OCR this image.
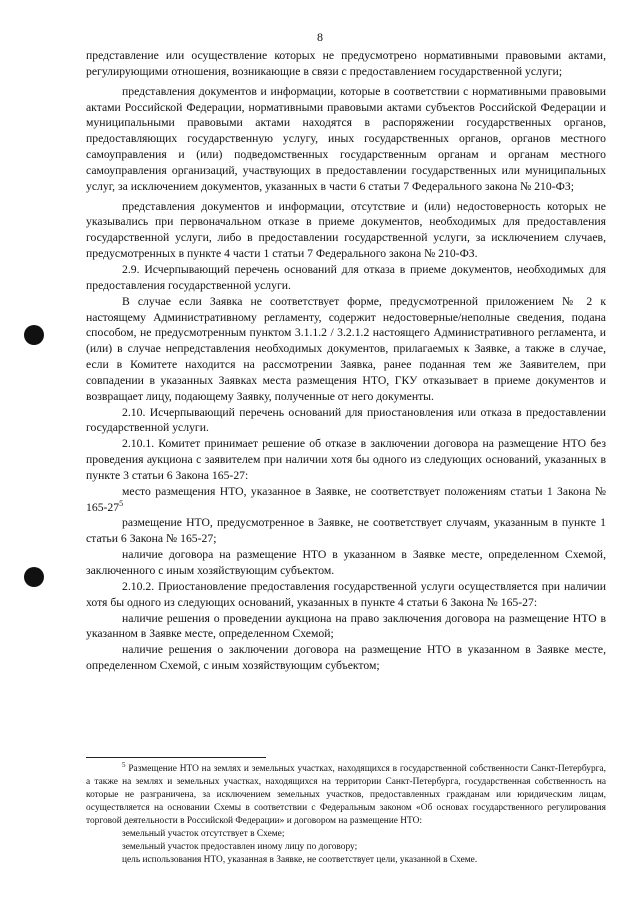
8

представление или осуществление которых не предусмотрено нормативными правовыми актами, регулирующими отношения, возникающие в связи с предоставлением государственной услуги;

представления документов и информации, которые в соответствии с нормативными правовыми актами Российской Федерации, нормативными правовыми актами субъектов Российской Федерации и муниципальными правовыми актами находятся в распоряжении государственных органов, предоставляющих государственную услугу, иных государственных органов, органов местного самоуправления и (или) подведомственных государственным органам и органам местного самоуправления организаций, участвующих в предоставлении государственных или муниципальных услуг, за исключением документов, указанных в части 6 статьи 7 Федерального закона № 210-ФЗ;

представления документов и информации, отсутствие и (или) недостоверность которых не указывались при первоначальном отказе в приеме документов, необходимых для предоставления государственной услуги, либо в предоставлении государственной услуги, за исключением случаев, предусмотренных в пункте 4 части 1 статьи 7 Федерального закона № 210-ФЗ.

2.9. Исчерпывающий перечень оснований для отказа в приеме документов, необходимых для предоставления государственной услуги.

В случае если Заявка не соответствует форме, предусмотренной приложением № 2 к настоящему Административному регламенту, содержит недостоверные/неполные сведения, подана способом, не предусмотренным пунктом 3.1.1.2 / 3.2.1.2 настоящего Административного регламента, и (или) в случае непредставления необходимых документов, прилагаемых к Заявке, а также в случае, если в Комитете находится на рассмотрении Заявка, ранее поданная тем же Заявителем, при совпадении в указанных Заявках места размещения НТО, ГКУ отказывает в приеме документов и возвращает лицу, подающему Заявку, полученные от него документы.

2.10. Исчерпывающий перечень оснований для приостановления или отказа в предоставлении государственной услуги.

2.10.1. Комитет принимает решение об отказе в заключении договора на размещение НТО без проведения аукциона с заявителем при наличии хотя бы одного из следующих оснований, указанных в пункте 3 статьи 6 Закона 165-27:

место размещения НТО, указанное в Заявке, не соответствует положениям статьи 1 Закона № $165-27^5$

размещение НТО, предусмотренное в Заявке, не соответствует случаям, указанным в пункте 1 статьи 6 Закона № 165-27;

наличие договора на размещение НТО в указанном в Заявке месте, определенном Схемой, заключенного с иным хозяйствующим субъектом.

2.10.2. Приостановление предоставления государственной услуги осуществляется при наличии хотя бы одного из следующих оснований, указанных в пункте 4 статьи 6 Закона № 165-27:

наличие решения о проведении аукциона на право заключения договора на размещение НТО в указанном в Заявке месте, определенном Схемой;

наличие решения о заключении договора на размещение НТО в указанном в Заявке месте, определенном Схемой, с иным хозяйствующим субъектом;

$^5$ Размещение НТО на землях и земельных участках, находящихся в государственной собственности Санкт-Петербурга, а также на землях и земельных участках, находящихся на территории Санкт-Петербурга, государственная собственность на которые не разграничена, за исключением земельных участков, предоставленных гражданам или юридическим лицам, осуществляется на основании Схемы в соответствии с Федеральным законом «Об основах государственного регулирования торговой деятельности в Российской Федерации» и договором на размещение НТО:

земельный участок отсутствует в Схеме;

земельный участок предоставлен иному лицу по договору;

цель использования НТО, указанная в Заявке, не соответствует цели, указанной в Схеме.
